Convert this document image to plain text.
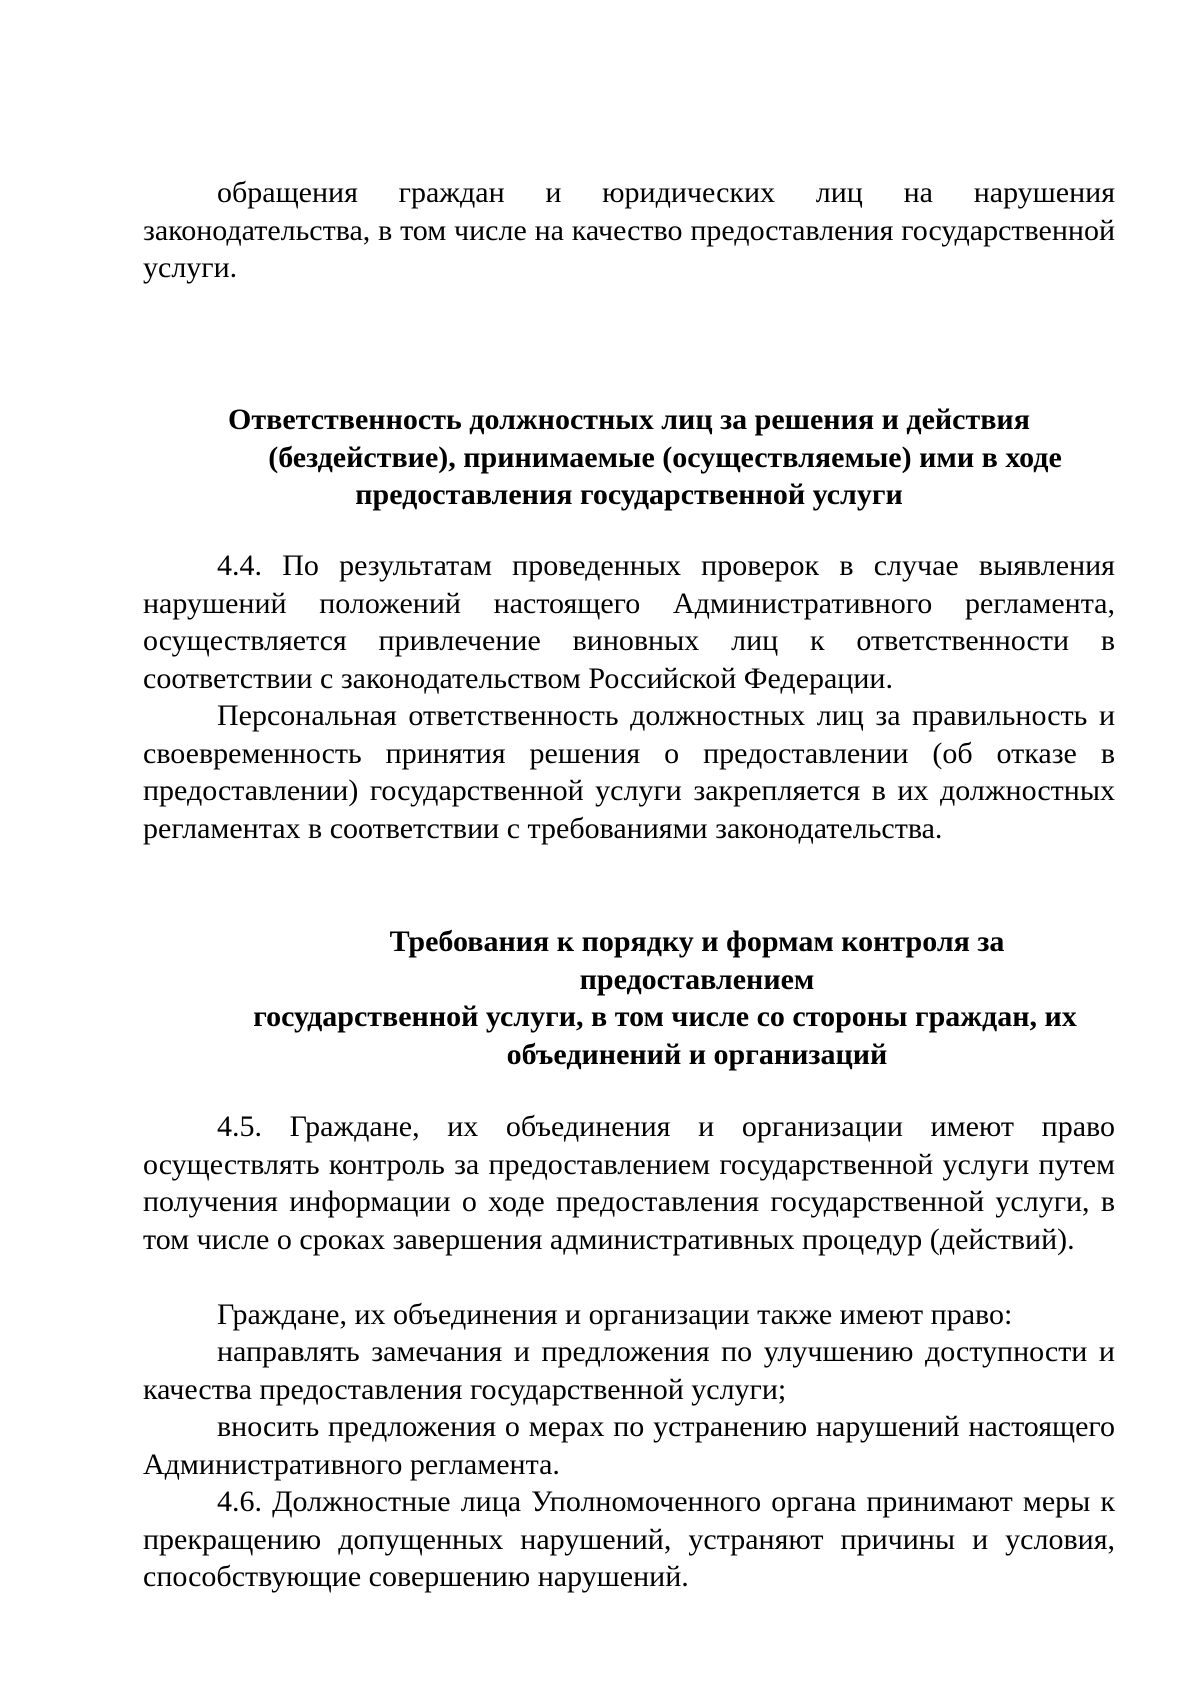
обращения граждан и юридических лиц на нарушения законодательства, в том числе на качество предоставления государственной услуги.

Ответственность должностных лиц за решения и действия
(бездействие), принимаемые (осуществляемые) ими в ходе
предоставления государственной услуги

4.4. По результатам проведенных проверок в случае выявления нарушений положений настоящего Административного регламента, осуществляется привлечение виновных лиц к ответственности в соответствии с законодательством Российской Федерации.

Персональная ответственность должностных лиц за правильность и своевременность принятия решения о предоставлении (об отказе в предоставлении) государственной услуги закрепляется в их должностных регламентах в соответствии с требованиями законодательства.

Требования к порядку и формам контроля за
предоставлением
государственной услуги, в том числе со стороны граждан, их
объединений и организаций

4.5. Граждане, их объединения и организации имеют право осуществлять контроль за предоставлением государственной услуги путем получения информации о ходе предоставления государственной услуги, в том числе о сроках завершения административных процедур (действий).

Граждане, их объединения и организации также имеют право:

направлять замечания и предложения по улучшению доступности и качества предоставления государственной услуги;

вносить предложения о мерах по устранению нарушений настоящего Административного регламента.

4.6. Должностные лица Уполномоченного органа принимают меры к прекращению допущенных нарушений, устраняют причины и условия, способствующие совершению нарушений.
